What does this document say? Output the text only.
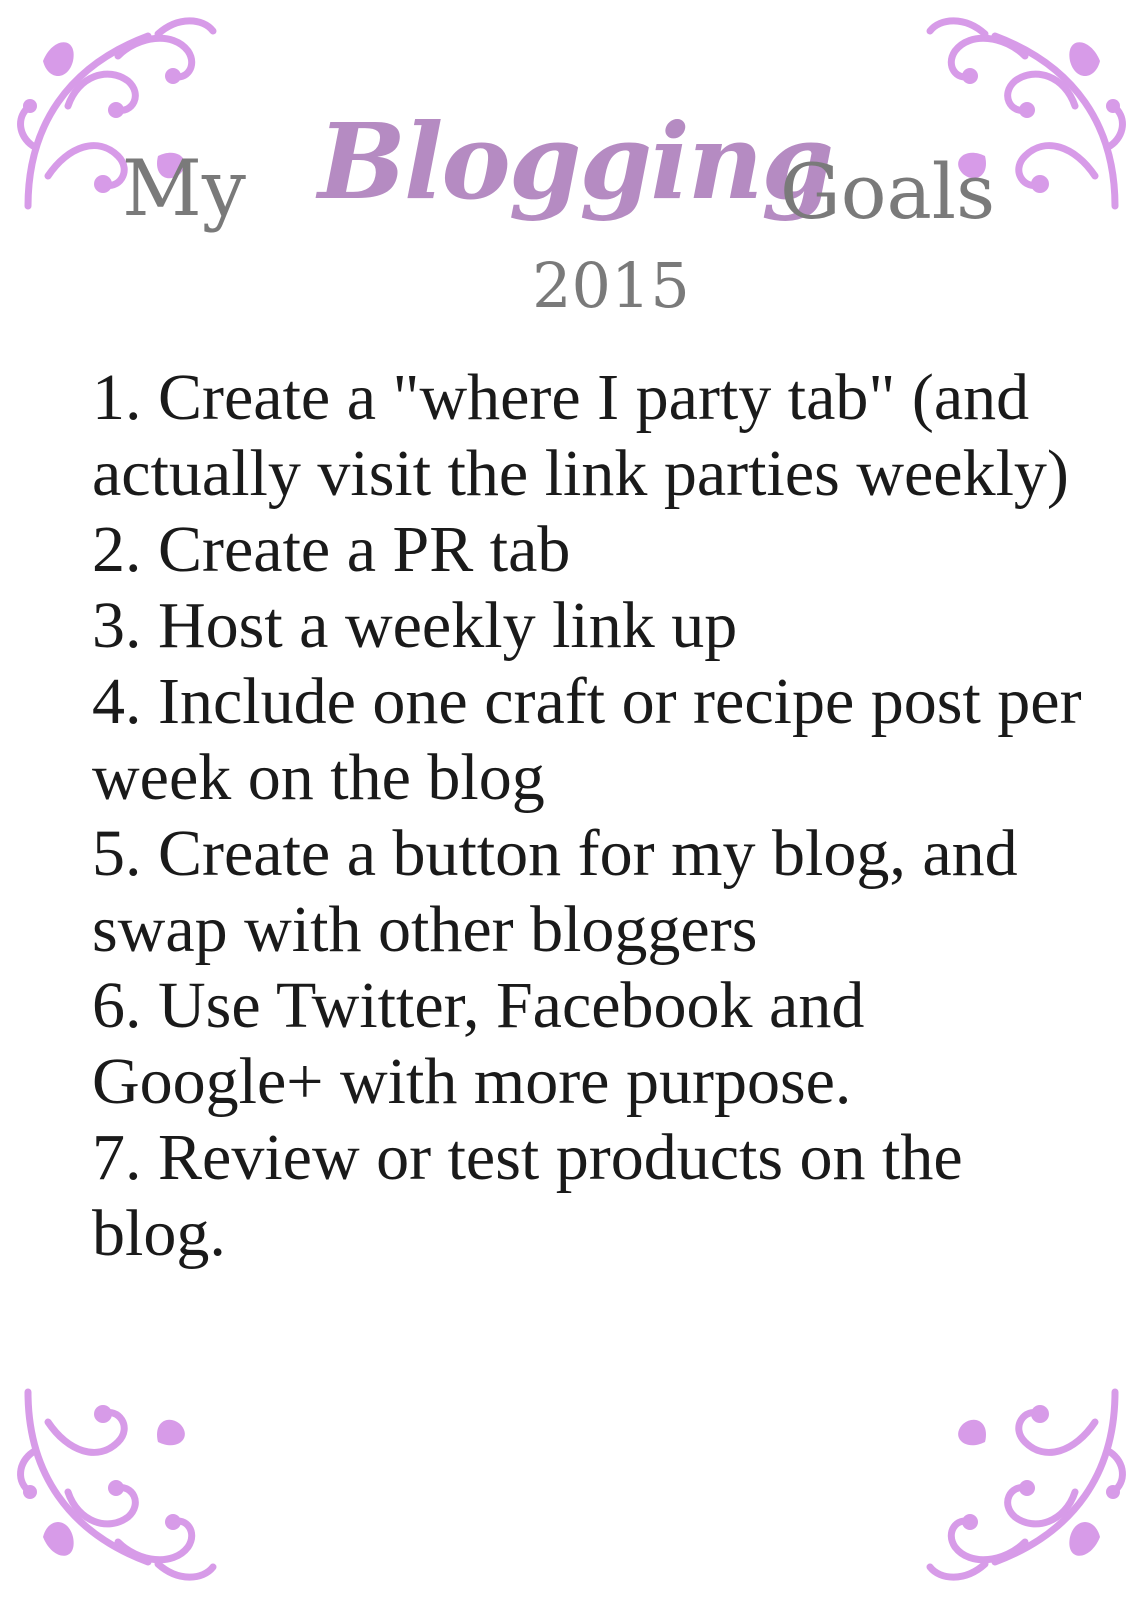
My Blogging
Goals
2015
1. Create a "where I party tab" (and actually visit the link parties weekly)
2. Create a PR tab
3. Host a weekly link up
4. Include one craft or recipe post per week on the blog
5. Create a button for my blog, and swap with other bloggers
6. Use Twitter, Facebook and Google+ with more purpose.
7. Review or test products on the blog.
